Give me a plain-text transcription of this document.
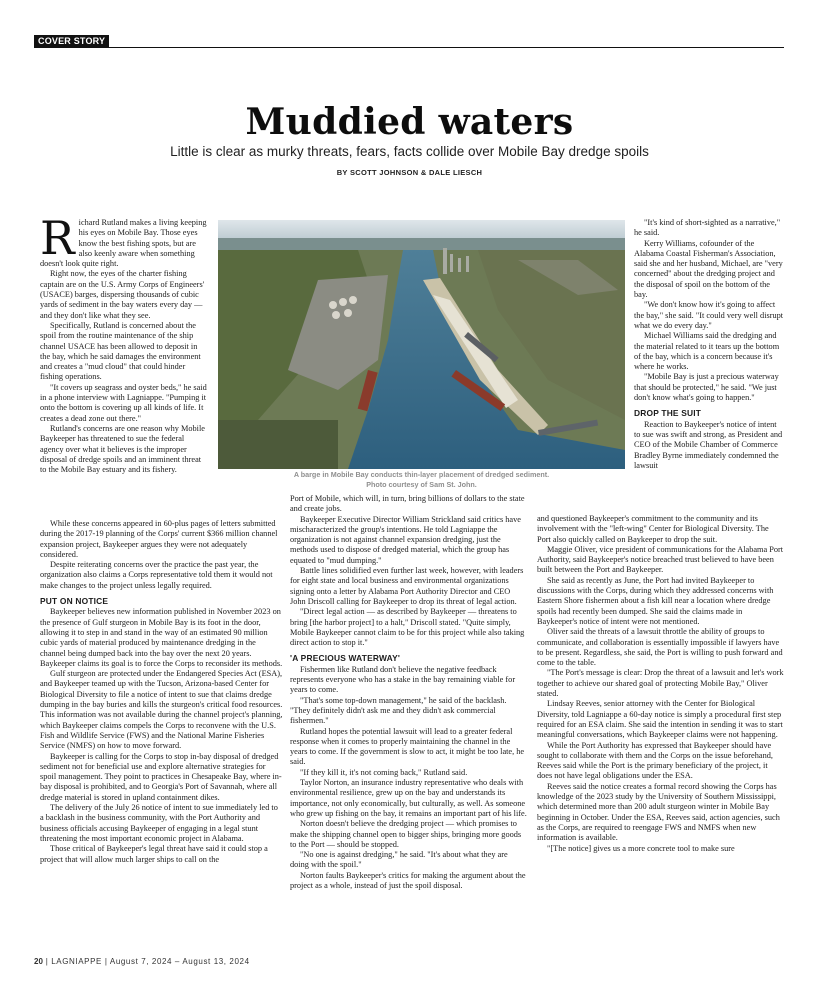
COVER STORY
Muddied waters
Little is clear as murky threats, fears, facts collide over Mobile Bay dredge spoils
BY SCOTT JOHNSON & DALE LIESCH

Richard Rutland makes a living keeping his eyes on Mobile Bay. Those eyes know the best fishing spots, but are also keenly aware when something doesn't look quite right.

Right now, the eyes of the charter fishing captain are on the U.S. Army Corps of Engineers' (USACE) barges, dispersing thousands of cubic yards of sediment in the bay waters every day — and they don't like what they see.

Specifically, Rutland is concerned about the spoil from the routine maintenance of the ship channel USACE has been allowed to deposit in the bay, which he said damages the environment and creates a "mud cloud" that could hinder fishing operations.

"It covers up seagrass and oyster beds," he said in a phone interview with Lagniappe. "Pumping it onto the bottom is covering up all kinds of life. It creates a dead zone out there."

Rutland's concerns are one reason why Mobile Baykeeper has threatened to sue the federal agency over what it believes is the improper disposal of dredge spoils and an imminent threat to the Mobile Bay estuary and its fishery.

A barge in Mobile Bay conducts thin-layer placement of dredged sediment.
Photo courtesy of Sam St. John.

While these concerns appeared in 60-plus pages of letters submitted during the 2017-19 planning of the Corps' current $366 million channel expansion project, Baykeeper argues they were not adequately considered.

Despite reiterating concerns over the practice the past year, the organization also claims a Corps representative told them it would not make changes to the project unless legally required.

PUT ON NOTICE

Baykeeper believes new information published in November 2023 on the presence of Gulf sturgeon in Mobile Bay is its foot in the door, allowing it to step in and stand in the way of an estimated 90 million cubic yards of material produced by maintenance dredging in the channel being dumped back into the bay over the next 20 years. Baykeeper claims its goal is to force the Corps to reconsider its methods.

Gulf sturgeon are protected under the Endangered Species Act (ESA), and Baykeeper teamed up with the Tucson, Arizona-based Center for Biological Diversity to file a notice of intent to sue that claims dredge dumping in the bay buries and kills the sturgeon's critical food resources. This information was not available during the channel project's planning, which Baykeeper claims compels the Corps to reconvene with the U.S. Fish and Wildlife Service (FWS) and the National Marine Fisheries Service (NMFS) on how to move forward.

Baykeeper is calling for the Corps to stop in-bay disposal of dredged sediment not for beneficial use and explore alternative strategies for spoil management. They point to practices in Chesapeake Bay, where in-bay disposal is prohibited, and to Georgia's Port of Savannah, where all dredge material is stored in upland containment dikes.

The delivery of the July 26 notice of intent to sue immediately led to a backlash in the business community, with the Port Authority and business officials accusing Baykeeper of engaging in a legal stunt threatening the most important economic project in Alabama.

Those critical of Baykeeper's legal threat have said it could stop a project that will allow much larger ships to call on the

Port of Mobile, which will, in turn, bring billions of dollars to the state and create jobs.

Baykeeper Executive Director William Strickland said critics have mischaracterized the group's intentions. He told Lagniappe the organization is not against channel expansion dredging, just the methods used to dispose of dredged material, which the group has equated to "mud dumping."

Battle lines solidified even further last week, however, with leaders for eight state and local business and environmental organizations signing onto a letter by Alabama Port Authority Director and CEO John Driscoll calling for Baykeeper to drop its threat of legal action.

"Direct legal action — as described by Baykeeper — threatens to bring [the harbor project] to a halt," Driscoll stated. "Quite simply, Mobile Baykeeper cannot claim to be for this project while also taking direct action to stop it."

'A PRECIOUS WATERWAY'

Fishermen like Rutland don't believe the negative feedback represents everyone who has a stake in the bay remaining viable for years to come.

"That's some top-down management," he said of the backlash. "They definitely didn't ask me and they didn't ask commercial fishermen."

Rutland hopes the potential lawsuit will lead to a greater federal response when it comes to properly maintaining the channel in the years to come. If the government is slow to act, it might be too late, he said.

"If they kill it, it's not coming back," Rutland said.

Taylor Norton, an insurance industry representative who deals with environmental resilience, grew up on the bay and understands its importance, not only economically, but culturally, as well. As someone who grew up fishing on the bay, it remains an important part of his life.

Norton doesn't believe the dredging project — which promises to make the shipping channel open to bigger ships, bringing more goods to the Port — should be stopped.

"No one is against dredging," he said. "It's about what they are doing with the spoil."

Norton faults Baykeeper's critics for making the argument about the project as a whole, instead of just the spoil disposal.

"It's kind of short-sighted as a narrative," he said.

Kerry Williams, cofounder of the Alabama Coastal Fisherman's Association, said she and her husband, Michael, are "very concerned" about the dredging project and the disposal of spoil on the bottom of the bay.

"We don't know how it's going to affect the bay," she said. "It could very well disrupt what we do every day."

Michael Williams said the dredging and the material related to it tears up the bottom of the bay, which is a concern because it's where he works.

"Mobile Bay is just a precious waterway that should be protected," he said. "We just don't know what's going to happen."

DROP THE SUIT

Reaction to Baykeeper's notice of intent to sue was swift and strong, as President and CEO of the Mobile Chamber of Commerce Bradley Byrne immediately condemned the lawsuit

and questioned Baykeeper's commitment to the community and its involvement with the "left-wing" Center for Biological Diversity. The Port also quickly called on Baykeeper to drop the suit.

Maggie Oliver, vice president of communications for the Alabama Port Authority, said Baykeeper's notice breached trust believed to have been built between the Port and Baykeeper.

She said as recently as June, the Port had invited Baykeeper to discussions with the Corps, during which they addressed concerns with Eastern Shore fishermen about a fish kill near a location where dredge spoils had recently been dumped. She said the claims made in Baykeeper's notice of intent were not mentioned.

Oliver said the threats of a lawsuit throttle the ability of groups to communicate, and collaboration is essentially impossible if lawyers have to be present. Regardless, she said, the Port is willing to push forward and come to the table.

"The Port's message is clear: Drop the threat of a lawsuit and let's work together to achieve our shared goal of protecting Mobile Bay," Oliver stated.

Lindsay Reeves, senior attorney with the Center for Biological Diversity, told Lagniappe a 60-day notice is simply a procedural first step required for an ESA claim. She said the intention in sending it was to start meaningful conversations, which Baykeeper claims were not happening.

While the Port Authority has expressed that Baykeeper should have sought to collaborate with them and the Corps on the issue beforehand, Reeves said while the Port is the primary beneficiary of the project, it does not have legal obligations under the ESA.

Reeves said the notice creates a formal record showing the Corps has knowledge of the 2023 study by the University of Southern Mississippi, which determined more than 200 adult sturgeon winter in Mobile Bay beginning in October. Under the ESA, Reeves said, action agencies, such as the Corps, are required to reengage FWS and NMFS when new information is available.

"[The notice] gives us a more concrete tool to make sure

20 | LAGNIAPPE | August 7, 2024 – August 13, 2024
